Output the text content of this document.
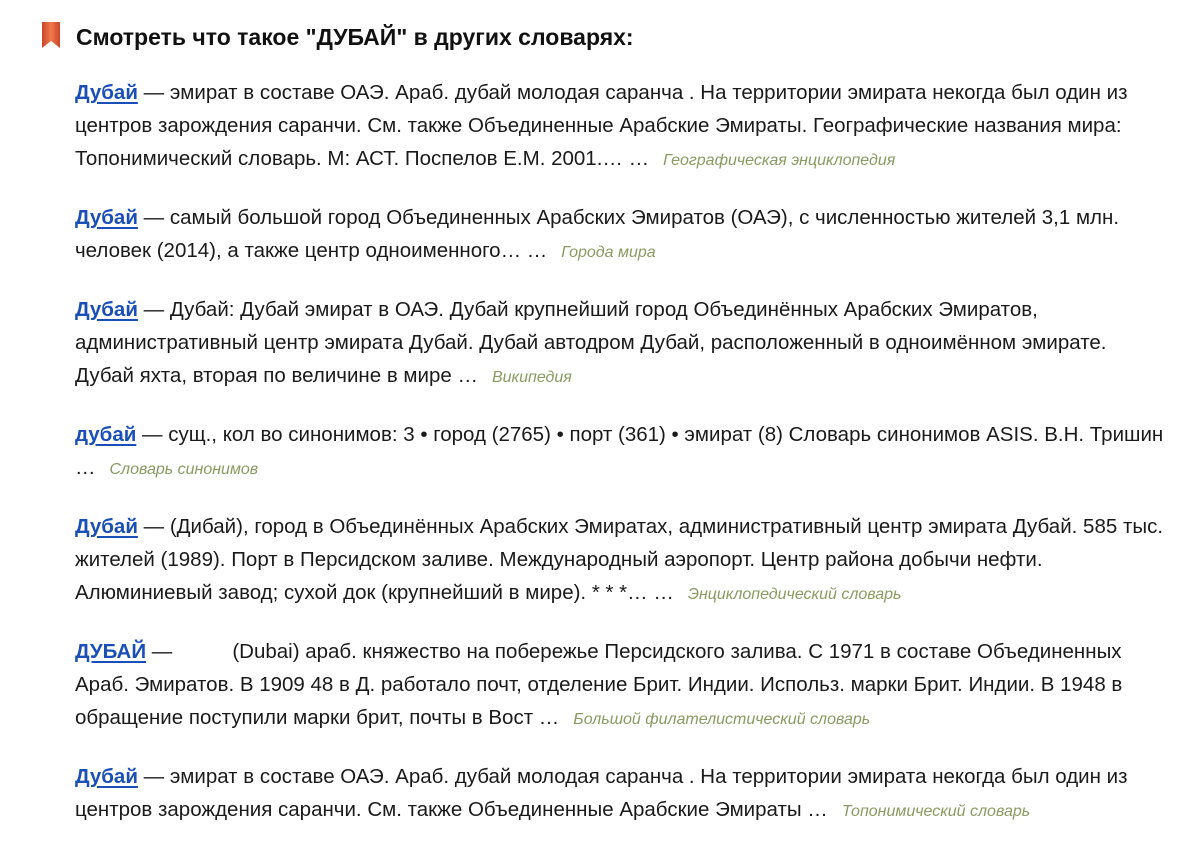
Смотреть что такое "ДУБАЙ" в других словарях:

Дубай — эмират в составе ОАЭ. Араб. дубай молодая саранча . На территории эмирата некогда был один из центров зарождения саранчи. См. также Объединенные Арабские Эмираты. Географические названия мира: Топонимический словарь. М: АСТ. Поспелов Е.М. 2001.… … Географическая энциклопедия

Дубай — самый большой город Объединенных Арабских Эмиратов (ОАЭ), с численностью жителей 3,1 млн. человек (2014), а также центр одноименного… … Города мира

Дубай — Дубай: Дубай эмират в ОАЭ. Дубай крупнейший город Объединённых Арабских Эмиратов, административный центр эмирата Дубай. Дубай автодром Дубай, расположенный в одноимённом эмирате. Дубай яхта, вторая по величине в мире … Википедия

дубай — сущ., кол во синонимов: 3 • город (2765) • порт (361) • эмират (8) Словарь синонимов ASIS. В.Н. Тришин … Словарь синонимов

Дубай — (Дибай), город в Объединённых Арабских Эмиратах, административный центр эмирата Дубай. 585 тыс. жителей (1989). Порт в Персидском заливе. Международный аэропорт. Центр района добычи нефти. Алюминиевый завод; сухой док (крупнейший в мире). * * *… … Энциклопедический словарь

ДУБАЙ —	(Dubai) араб. княжество на побережье Персидского залива. С 1971 в составе Объединенных Араб. Эмиратов. В 1909 48 в Д. работало почт, отделение Брит. Индии. Использ. марки Брит. Индии. В 1948 в обращение поступили марки брит, почты в Вост … Большой филателистический словарь

Дубай — эмират в составе ОАЭ. Араб. дубай молодая саранча . На территории эмирата некогда был один из центров зарождения саранчи. См. также Объединенные Арабские Эмираты … Топонимический словарь
